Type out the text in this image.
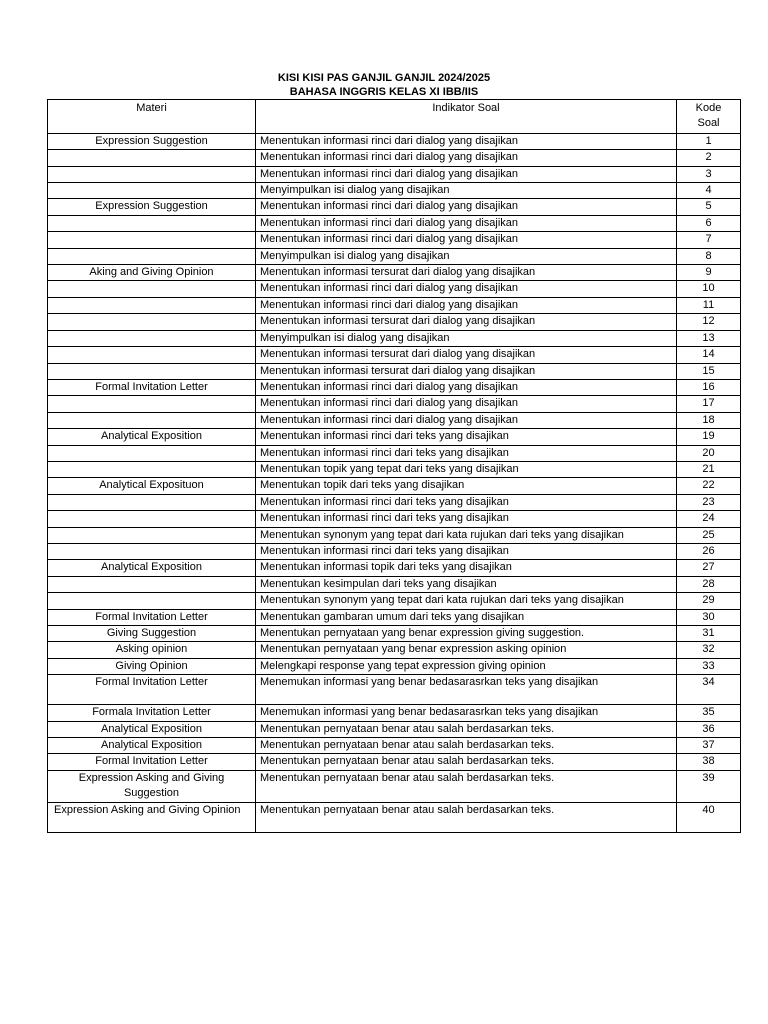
KISI KISI PAS GANJIL GANJIL 2024/2025
BAHASA INGGRIS KELAS XI IBB/IIS
Materi	Indikator Soal	Kode
Soal
Expression Suggestion	Menentukan informasi rinci dari dialog yang disajikan	1
	Menentukan informasi rinci dari dialog yang disajikan	2
	Menentukan informasi rinci dari dialog yang disajikan	3
	Menyimpulkan isi dialog yang disajikan	4
Expression Suggestion	Menentukan informasi rinci dari dialog yang disajikan	5
	Menentukan informasi rinci dari dialog yang disajikan	6
	Menentukan informasi rinci dari dialog yang disajikan	7
	Menyimpulkan isi dialog yang disajikan	8
Aking and Giving Opinion	Menentukan informasi tersurat dari dialog yang disajikan	9
	Menentukan informasi rinci dari dialog yang disajikan	10
	Menentukan informasi rinci dari dialog yang disajikan	11
	Menentukan informasi tersurat dari dialog yang disajikan	12
	Menyimpulkan isi dialog yang disajikan	13
	Menentukan informasi tersurat dari dialog yang disajikan	14
	Menentukan informasi tersurat dari dialog yang disajikan	15
Formal Invitation Letter	Menentukan informasi rinci dari dialog yang disajikan	16
	Menentukan informasi rinci dari dialog yang disajikan	17
	Menentukan informasi rinci dari dialog yang disajikan	18
Analytical Exposition	Menentukan informasi rinci dari teks yang disajikan	19
	Menentukan informasi rinci dari teks yang disajikan	20
	Menentukan topik yang tepat dari teks yang disajikan	21
Analytical Exposituon	Menentukan topik dari teks yang disajikan	22
	Menentukan informasi rinci dari teks yang disajikan	23
	Menentukan informasi rinci dari teks yang disajikan	24
	Menentukan synonym yang tepat dari kata rujukan dari teks yang disajikan	25
	Menentukan informasi rinci dari teks yang disajikan	26
Analytical Exposition	Menentukan informasi topik dari teks yang disajikan	27
	Menentukan kesimpulan dari teks yang disajikan	28
	Menentukan synonym yang tepat dari kata rujukan dari teks yang disajikan	29
Formal Invitation Letter	Menentukan gambaran umum dari teks yang disajikan	30
Giving Suggestion	Menentukan pernyataan yang benar expression giving suggestion.	31
Asking opinion	Menentukan pernyataan yang benar expression asking opinion	32
Giving Opinion	Melengkapi response yang tepat expression giving opinion	33
Formal Invitation Letter	Menemukan informasi yang benar bedasarasrkan teks yang disajikan	34
Formala Invitation Letter	Menemukan informasi yang benar bedasarasrkan teks yang disajikan	35
Analytical Exposition	Menentukan pernyataan benar atau salah berdasarkan teks.	36
Analytical Exposition	Menentukan pernyataan benar atau salah berdasarkan teks.	37
Formal Invitation Letter	Menentukan pernyataan benar atau salah berdasarkan teks.	38
Expression Asking and Giving Suggestion	Menentukan pernyataan benar atau salah berdasarkan teks.	39
Expression Asking and Giving Opinion	Menentukan pernyataan benar atau salah berdasarkan teks.	40
